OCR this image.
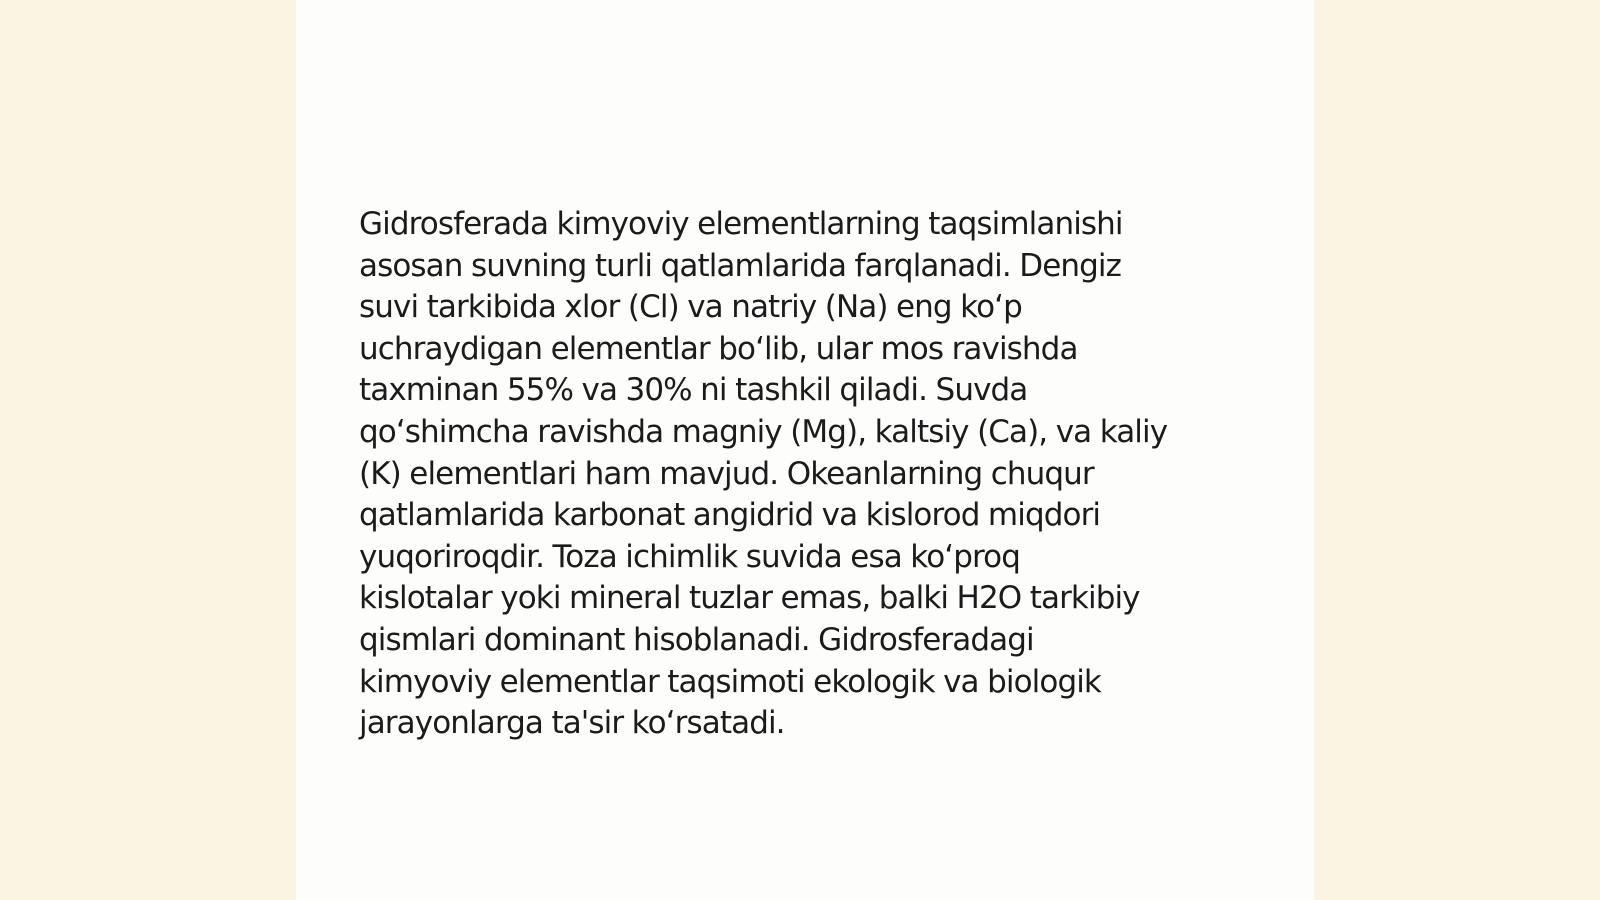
Gidrosferada kimyoviy elementlarning taqsimlanishi
asosan suvning turli qatlamlarida farqlanadi. Dengiz
suvi tarkibida xlor (Cl) va natriy (Na) eng koʻp
uchraydigan elementlar boʻlib, ular mos ravishda
taxminan 55% va 30% ni tashkil qiladi. Suvda
qoʻshimcha ravishda magniy (Mg), kaltsiy (Ca), va kaliy
(K) elementlari ham mavjud. Okeanlarning chuqur
qatlamlarida karbonat angidrid va kislorod miqdori
yuqoriroqdir. Toza ichimlik suvida esa koʻproq
kislotalar yoki mineral tuzlar emas, balki H2O tarkibiy
qismlari dominant hisoblanadi. Gidrosferadagi
kimyoviy elementlar taqsimoti ekologik va biologik
jarayonlarga ta'sir koʻrsatadi.
